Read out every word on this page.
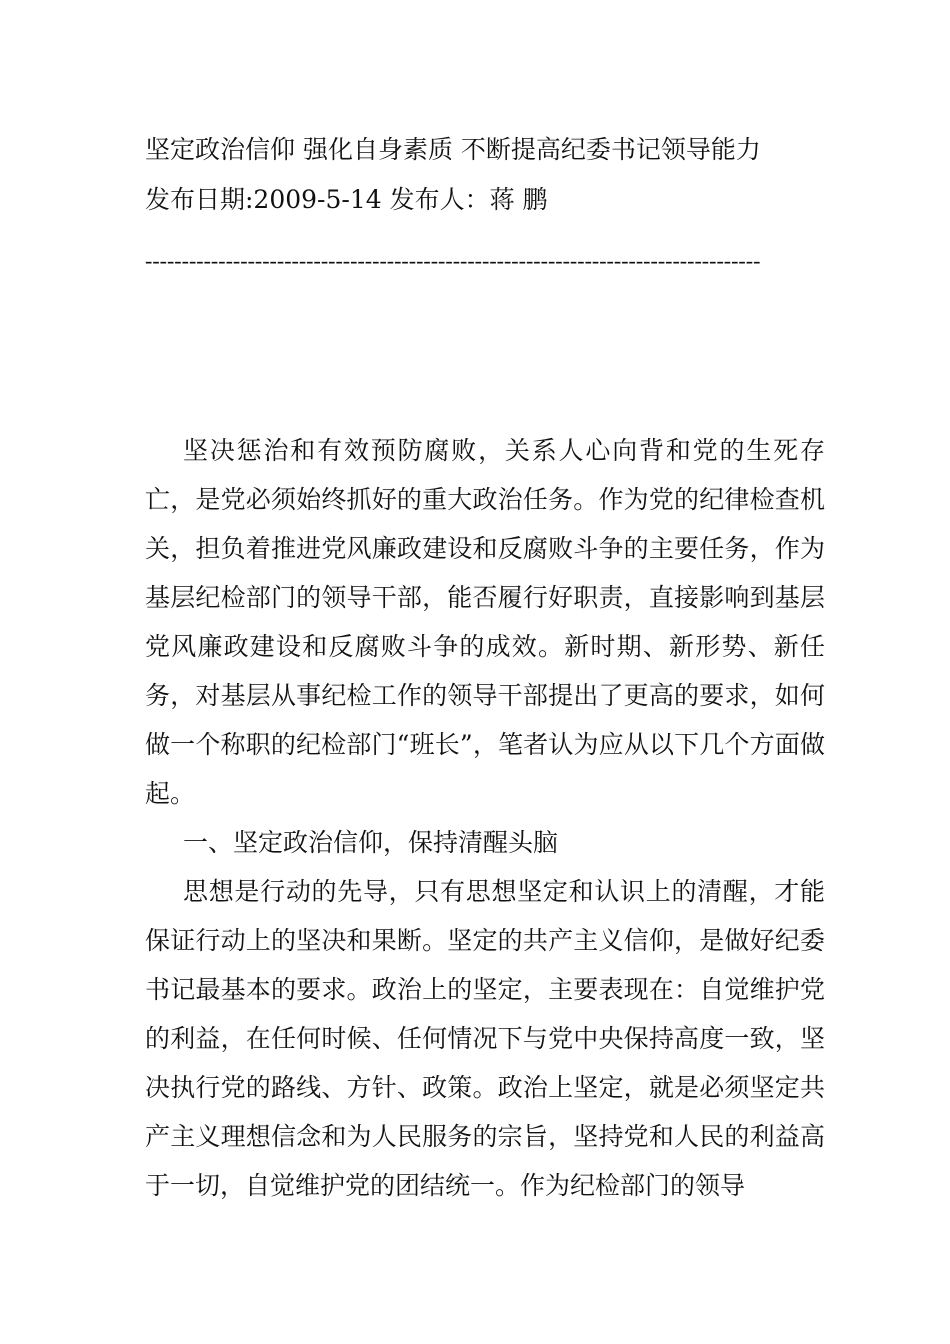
坚定政治信仰 强化自身素质 不断提高纪委书记领导能力
发布日期:2009-5-14 发布人：蒋 鹏
------------------------------------------------------------------------------------

坚决惩治和有效预防腐败，关系人心向背和党的生死存亡，是党必须始终抓好的重大政治任务。作为党的纪律检查机关，担负着推进党风廉政建设和反腐败斗争的主要任务，作为基层纪检部门的领导干部，能否履行好职责，直接影响到基层党风廉政建设和反腐败斗争的成效。新时期、新形势、新任务，对基层从事纪检工作的领导干部提出了更高的要求，如何做一个称职的纪检部门“班长”，笔者认为应从以下几个方面做起。

一、坚定政治信仰，保持清醒头脑

思想是行动的先导，只有思想坚定和认识上的清醒，才能保证行动上的坚决和果断。坚定的共产主义信仰，是做好纪委书记最基本的要求。政治上的坚定，主要表现在：自觉维护党的利益，在任何时候、任何情况下与党中央保持高度一致，坚决执行党的路线、方针、政策。政治上坚定，就是必须坚定共产主义理想信念和为人民服务的宗旨，坚持党和人民的利益高于一切，自觉维护党的团结统一。作为纪检部门的领导
